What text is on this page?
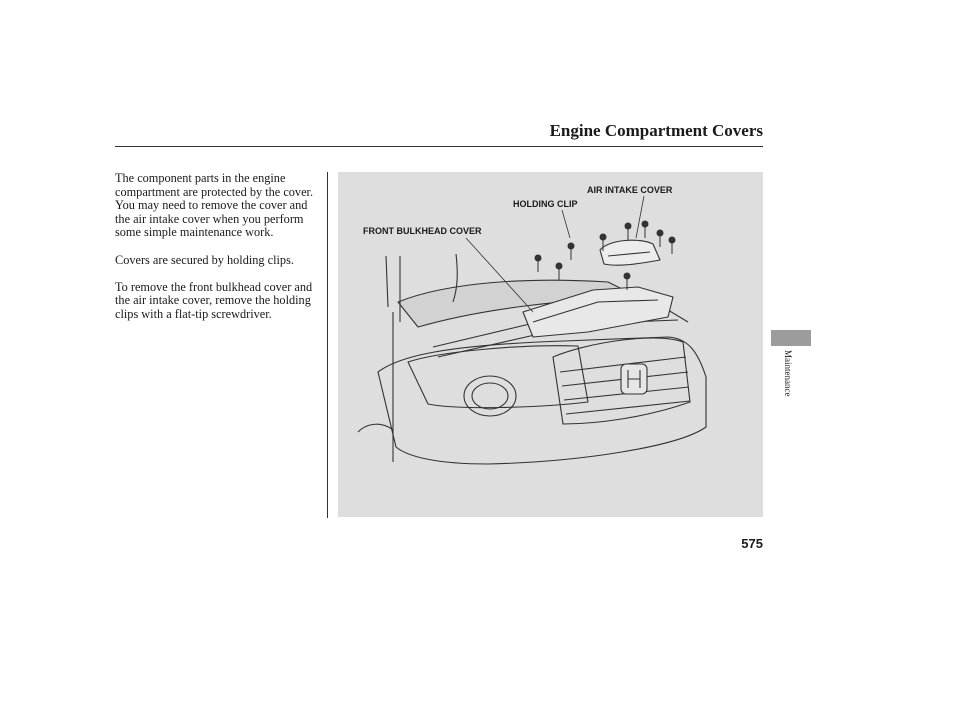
Engine Compartment Covers

The component parts in the engine compartment are protected by the cover. You may need to remove the cover and the air intake cover when you perform some simple maintenance work.

Covers are secured by holding clips.

To remove the front bulkhead cover and the air intake cover, remove the holding clips with a flat-tip screwdriver.

AIR INTAKE COVER
HOLDING CLIP
FRONT BULKHEAD COVER
Maintenance
575
